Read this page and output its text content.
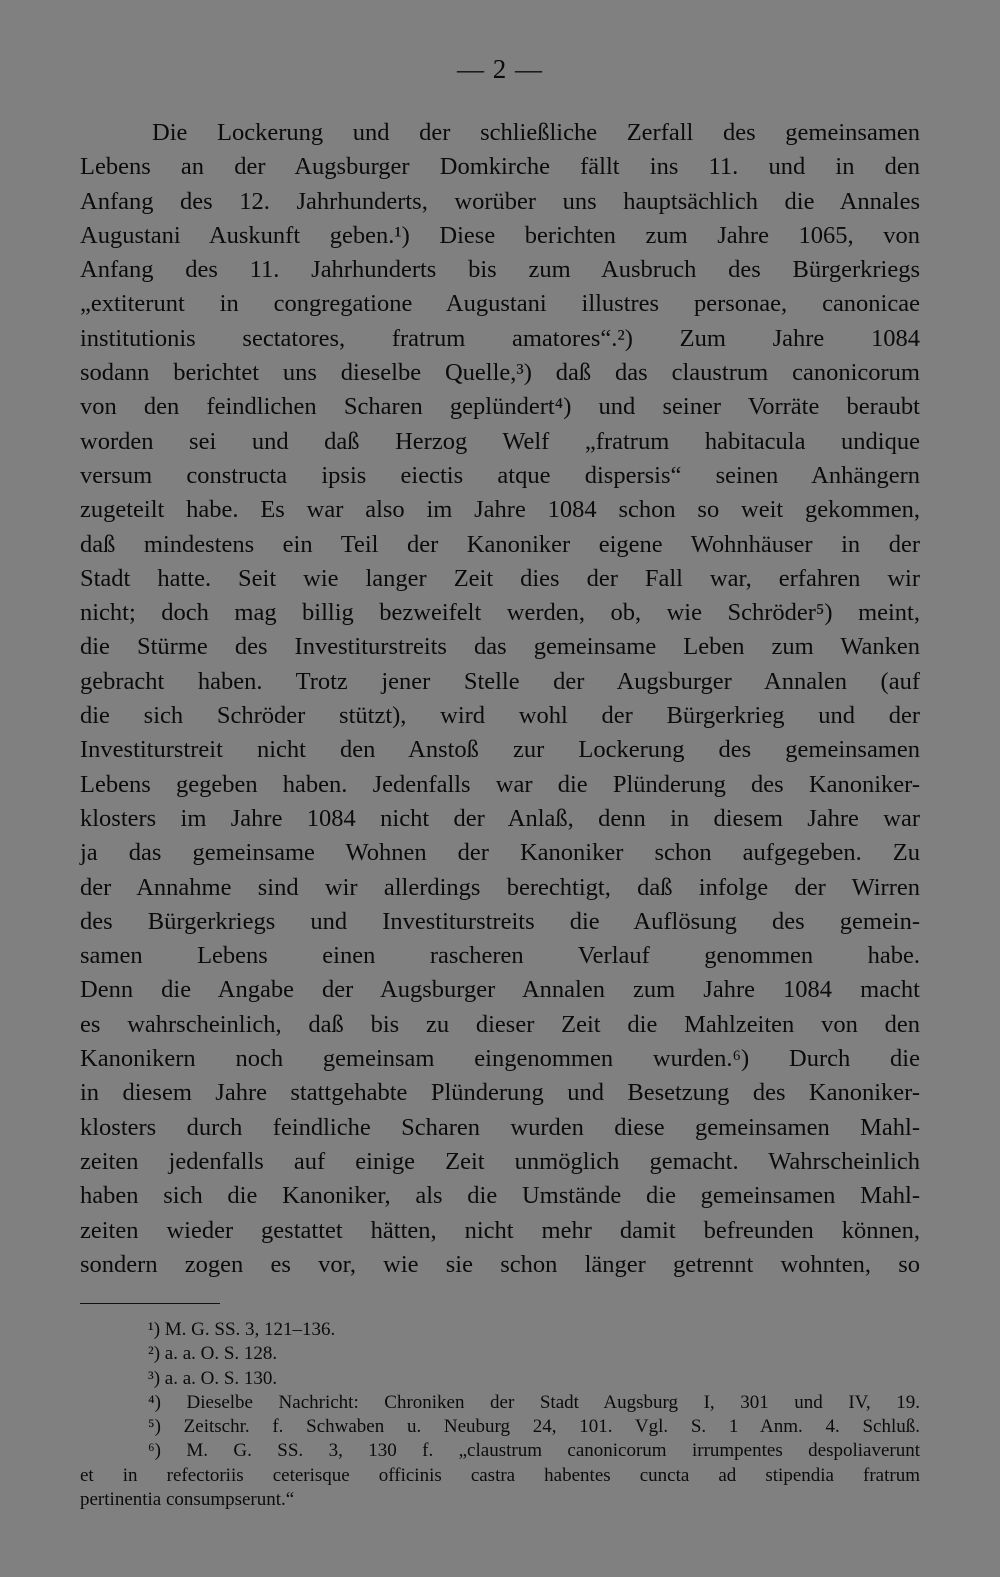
— 2 —
Die Lockerung und der schließliche Zerfall des gemeinsamen
Lebens an der Augsburger Domkirche fällt ins 11. und in den
Anfang des 12. Jahrhunderts, worüber uns hauptsächlich die Annales
Augustani Auskunft geben.¹) Diese berichten zum Jahre 1065, von
Anfang des 11. Jahrhunderts bis zum Ausbruch des Bürgerkriegs
„extiterunt in congregatione Augustani illustres personae, canonicae
institutionis sectatores, fratrum amatores“.²) Zum Jahre 1084
sodann berichtet uns dieselbe Quelle,³) daß das claustrum canonicorum
von den feindlichen Scharen geplündert⁴) und seiner Vorräte beraubt
worden sei und daß Herzog Welf „fratrum habitacula undique
versum constructa ipsis eiectis atque dispersis“ seinen Anhängern
zugeteilt habe. Es war also im Jahre 1084 schon so weit gekommen,
daß mindestens ein Teil der Kanoniker eigene Wohnhäuser in der
Stadt hatte. Seit wie langer Zeit dies der Fall war, erfahren wir
nicht; doch mag billig bezweifelt werden, ob, wie Schröder⁵) meint,
die Stürme des Investiturstreits das gemeinsame Leben zum Wanken
gebracht haben. Trotz jener Stelle der Augsburger Annalen (auf
die sich Schröder stützt), wird wohl der Bürgerkrieg und der
Investiturstreit nicht den Anstoß zur Lockerung des gemeinsamen
Lebens gegeben haben. Jedenfalls war die Plünderung des Kanoniker-
klosters im Jahre 1084 nicht der Anlaß, denn in diesem Jahre war
ja das gemeinsame Wohnen der Kanoniker schon aufgegeben. Zu
der Annahme sind wir allerdings berechtigt, daß infolge der Wirren
des Bürgerkriegs und Investiturstreits die Auflösung des gemein-
samen Lebens einen rascheren Verlauf genommen habe.
Denn die Angabe der Augsburger Annalen zum Jahre 1084 macht
es wahrscheinlich, daß bis zu dieser Zeit die Mahlzeiten von den
Kanonikern noch gemeinsam eingenommen wurden.⁶) Durch die
in diesem Jahre stattgehabte Plünderung und Besetzung des Kanoniker-
klosters durch feindliche Scharen wurden diese gemeinsamen Mahl-
zeiten jedenfalls auf einige Zeit unmöglich gemacht. Wahrscheinlich
haben sich die Kanoniker, als die Umstände die gemeinsamen Mahl-
zeiten wieder gestattet hätten, nicht mehr damit befreunden können,
sondern zogen es vor, wie sie schon länger getrennt wohnten, so
¹) M. G. SS. 3, 121–136.
²) a. a. O. S. 128.
³) a. a. O. S. 130.
⁴) Dieselbe Nachricht: Chroniken der Stadt Augsburg I, 301 und IV, 19.
⁵) Zeitschr. f. Schwaben u. Neuburg 24, 101. Vgl. S. 1 Anm. 4. Schluß.
⁶) M. G. SS. 3, 130 f. „claustrum canonicorum irrumpentes despoliaverunt
et in refectoriis ceterisque officinis castra habentes cuncta ad stipendia fratrum
pertinentia consumpserunt.“
